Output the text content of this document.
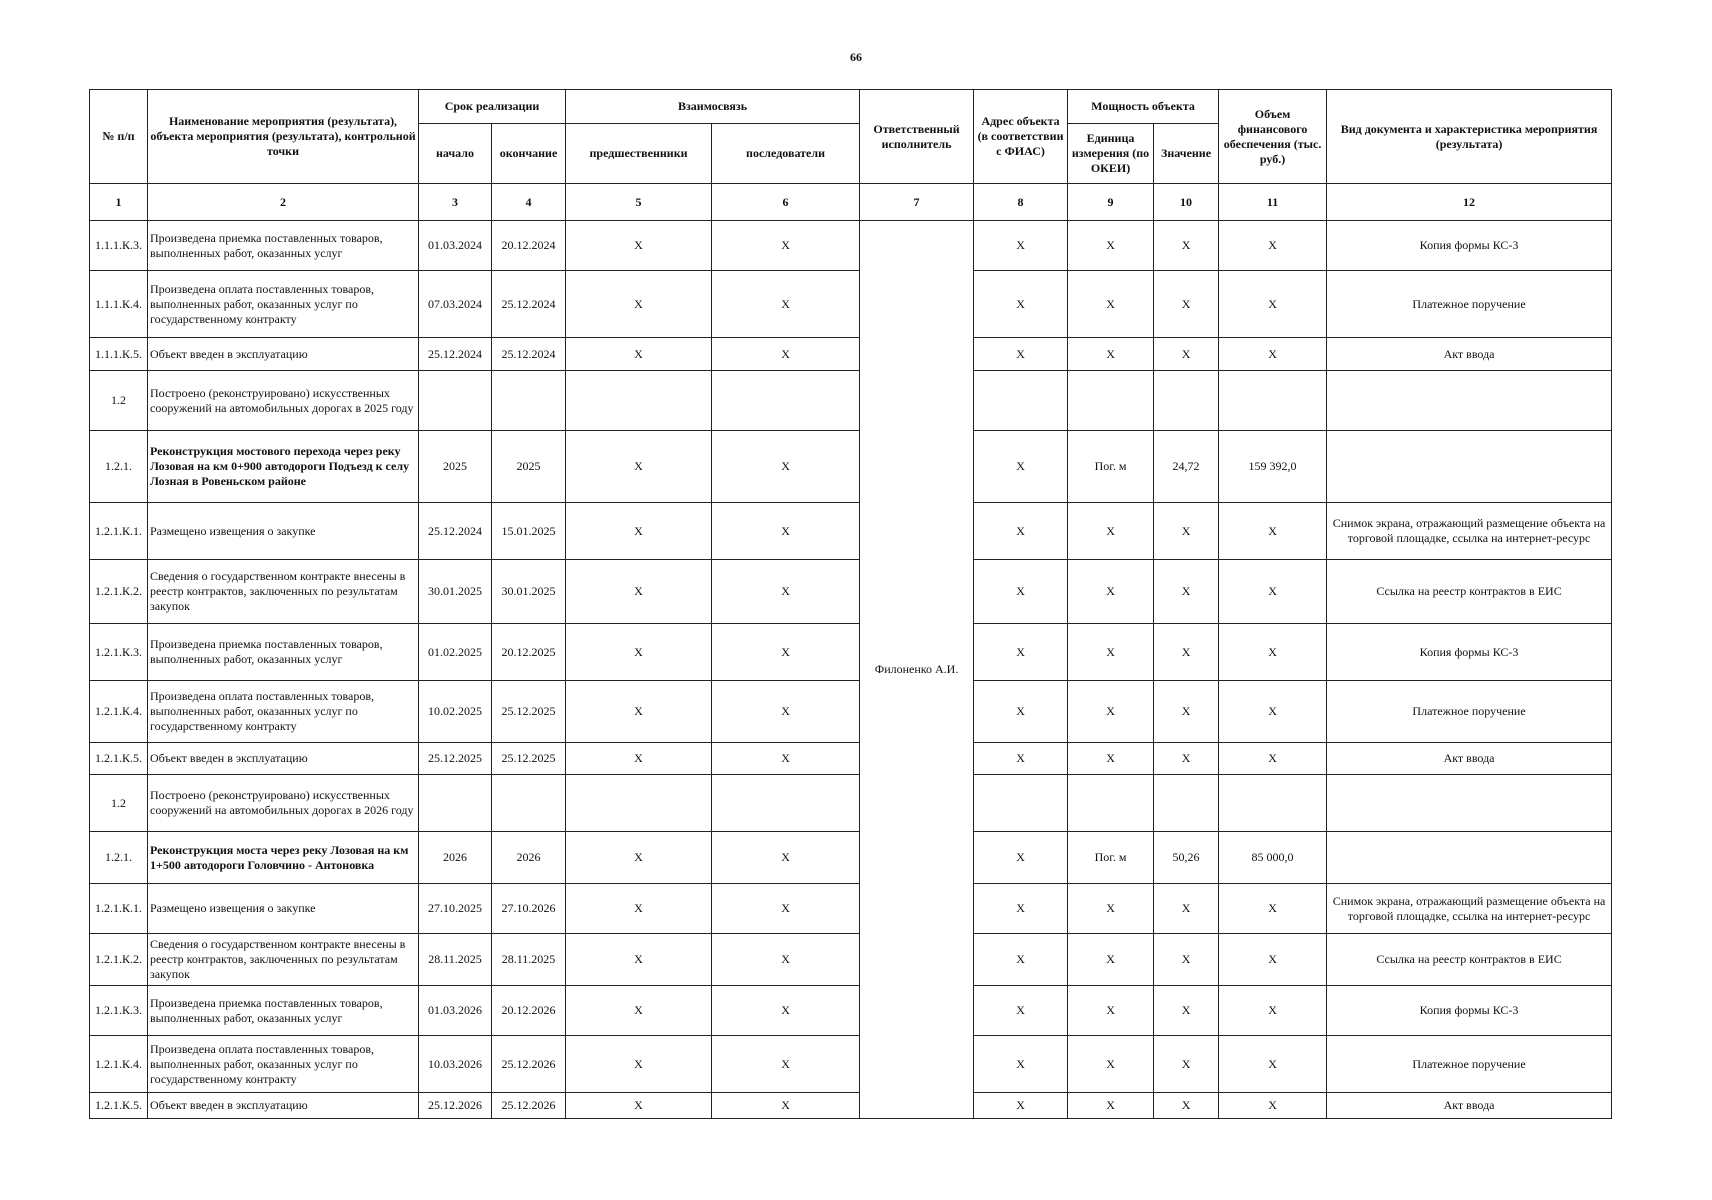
66
№ п/п	Наименование мероприятия (результата), объекта мероприятия (результата), контрольной точки	Срок реализации		Взаимосвязь		Ответственный исполнитель	Адрес объекта (в соответствии с ФИАС)	Мощность объекта		Объем финансового обеспечения (тыс. руб.)	Вид документа и характеристика мероприятия (результата)
		начало	окончание	предшественники	последователи			Единица измерения (по ОКЕИ)	Значение		
1	2	3	4	5	6	7	8	9	10	11	12
1.1.1.К.3.	Произведена приемка поставленных товаров, выполненных работ, оказанных услуг	01.03.2024	20.12.2024	X	X	Филоненко А.И.	X	X	X	X	Копия формы КС-3
1.1.1.К.4.	Произведена оплата поставленных товаров, выполненных работ, оказанных услуг по государственному контракту	07.03.2024	25.12.2024	X	X		X	X	X	X	Платежное поручение
1.1.1.К.5.	Объект введен в эксплуатацию	25.12.2024	25.12.2024	X	X		X	X	X	X	Акт ввода
1.2	Построено (реконструировано) искусственных сооружений на автомобильных дорогах в 2025 году										
1.2.1.	Реконструкция мостового перехода через реку Лозовая на км 0+900 автодороги Подъезд к селу Лозная в Ровеньском районе	2025	2025	X	X		X	Пог. м	24,72	159 392,0	
1.2.1.К.1.	Размещено извещения о закупке	25.12.2024	15.01.2025	X	X		X	X	X	X	Снимок экрана, отражающий размещение объекта на торговой площадке, ссылка на интернет-ресурс
1.2.1.К.2.	Сведения о государственном контракте внесены в реестр контрактов, заключенных по результатам закупок	30.01.2025	30.01.2025	X	X		X	X	X	X	Ссылка на реестр контрактов в ЕИС
1.2.1.К.3.	Произведена приемка поставленных товаров, выполненных работ, оказанных услуг	01.02.2025	20.12.2025	X	X		X	X	X	X	Копия формы КС-3
1.2.1.К.4.	Произведена оплата поставленных товаров, выполненных работ, оказанных услуг по государственному контракту	10.02.2025	25.12.2025	X	X		X	X	X	X	Платежное поручение
1.2.1.К.5.	Объект введен в эксплуатацию	25.12.2025	25.12.2025	X	X		X	X	X	X	Акт ввода
1.2	Построено (реконструировано) искусственных сооружений на автомобильных дорогах в 2026 году										
1.2.1.	Реконструкция моста через реку Лозовая на км 1+500 автодороги Головчино - Антоновка	2026	2026	X	X		X	Пог. м	50,26	85 000,0	
1.2.1.К.1.	Размещено извещения о закупке	27.10.2025	27.10.2026	X	X		X	X	X	X	Снимок экрана, отражающий размещение объекта на торговой площадке, ссылка на интернет-ресурс
1.2.1.К.2.	Сведения о государственном контракте внесены в реестр контрактов, заключенных по результатам закупок	28.11.2025	28.11.2025	X	X		X	X	X	X	Ссылка на реестр контрактов в ЕИС
1.2.1.К.3.	Произведена приемка поставленных товаров, выполненных работ, оказанных услуг	01.03.2026	20.12.2026	X	X		X	X	X	X	Копия формы КС-3
1.2.1.К.4.	Произведена оплата поставленных товаров, выполненных работ, оказанных услуг по государственному контракту	10.03.2026	25.12.2026	X	X		X	X	X	X	Платежное поручение
1.2.1.К.5.	Объект введен в эксплуатацию	25.12.2026	25.12.2026	X	X		X	X	X	X	Акт ввода
